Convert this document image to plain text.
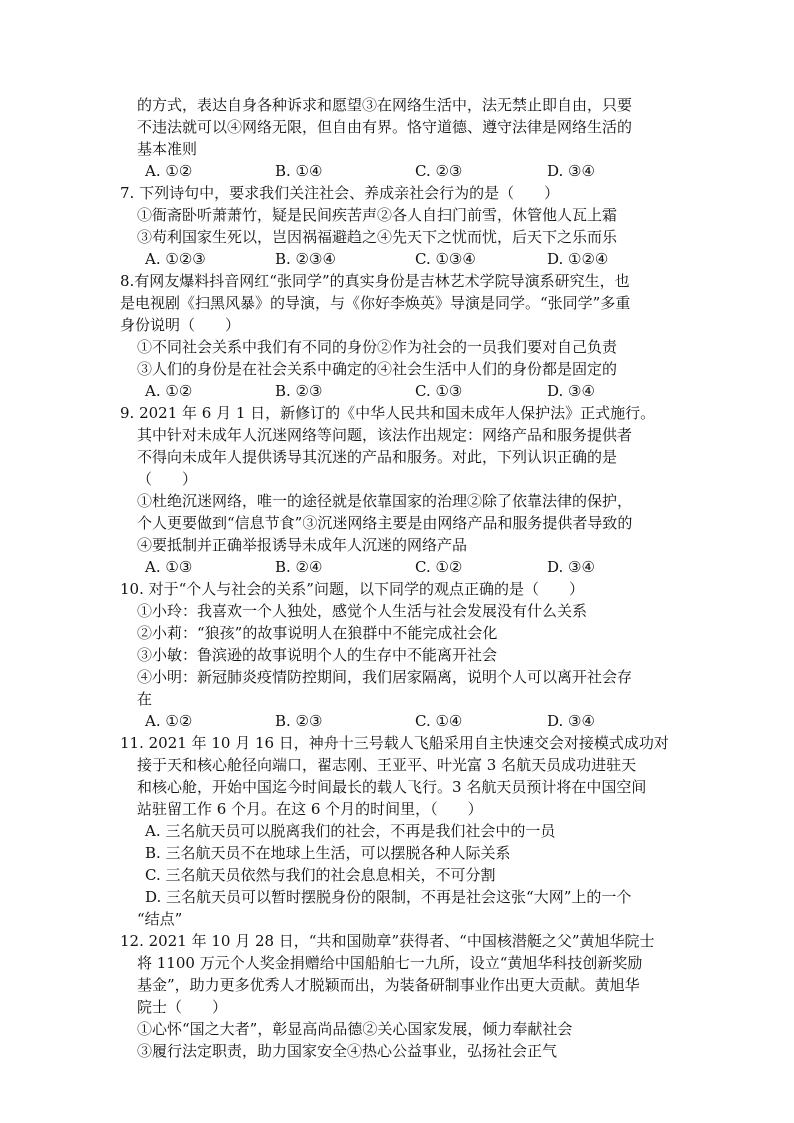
的方式，表达自身各种诉求和愿望③在网络生活中，法无禁止即自由，只要
不违法就可以④网络无限，但自由有界。恪守道德、遵守法律是网络生活的
基本准则
A. ①②	B. ①④	C. ②③	D. ③④
7. 下列诗句中，要求我们关注社会、养成亲社会行为的是（　　）
①衙斋卧听萧萧竹，疑是民间疾苦声②各人自扫门前雪，休管他人瓦上霜
③苟利国家生死以，岂因祸福避趋之④先天下之忧而忧，后天下之乐而乐
A. ①②③	B. ②③④	C. ①③④	D. ①②④
8.有网友爆料抖音网红“张同学”的真实身份是吉林艺术学院导演系研究生，也
是电视剧《扫黑风暴》的导演，与《你好李焕英》导演是同学。“张同学”多重
身份说明（　　）
①不同社会关系中我们有不同的身份②作为社会的一员我们要对自己负责
③人们的身份是在社会关系中确定的④社会生活中人们的身份都是固定的
A. ①②	B. ②③	C. ①③	D. ③④
9. 2021 年 6 月 1 日，新修订的《中华人民共和国未成年人保护法》正式施行。
其中针对未成年人沉迷网络等问题，该法作出规定：网络产品和服务提供者
不得向未成年人提供诱导其沉迷的产品和服务。对此，下列认识正确的是
（　　）
①杜绝沉迷网络，唯一的途径就是依靠国家的治理②除了依靠法律的保护，
个人更要做到“信息节食”③沉迷网络主要是由网络产品和服务提供者导致的
④要抵制并正确举报诱导未成年人沉迷的网络产品
A. ①③	B. ②④	C. ①②	D. ③④
10. 对于“个人与社会的关系”问题，以下同学的观点正确的是（　　）
①小玲：我喜欢一个人独处，感觉个人生活与社会发展没有什么关系
②小莉：“狼孩”的故事说明人在狼群中不能完成社会化
③小敏：鲁滨逊的故事说明个人的生存中不能离开社会
④小明：新冠肺炎疫情防控期间，我们居家隔离，说明个人可以离开社会存
在
A. ①②	B. ②③	C. ①④	D. ③④
11. 2021 年 10 月 16 日，神舟十三号载人飞船采用自主快速交会对接模式成功对
接于天和核心舱径向端口，翟志刚、王亚平、叶光富 3 名航天员成功进驻天
和核心舱，开始中国迄今时间最长的载人飞行。3 名航天员预计将在中国空间
站驻留工作 6 个月。在这 6 个月的时间里，（　　）
A. 三名航天员可以脱离我们的社会，不再是我们社会中的一员
B. 三名航天员不在地球上生活，可以摆脱各种人际关系
C. 三名航天员依然与我们的社会息息相关，不可分割
D. 三名航天员可以暂时摆脱身份的限制，不再是社会这张“大网”上的一个
“结点”
12. 2021 年 10 月 28 日，“共和国勋章”获得者、“中国核潜艇之父”黄旭华院士
将 1100 万元个人奖金捐赠给中国船舶七一九所，设立“黄旭华科技创新奖励
基金”，助力更多优秀人才脱颖而出，为装备研制事业作出更大贡献。黄旭华
院士（　　）
①心怀“国之大者”，彰显高尚品德②关心国家发展，倾力奉献社会
③履行法定职责，助力国家安全④热心公益事业，弘扬社会正气
